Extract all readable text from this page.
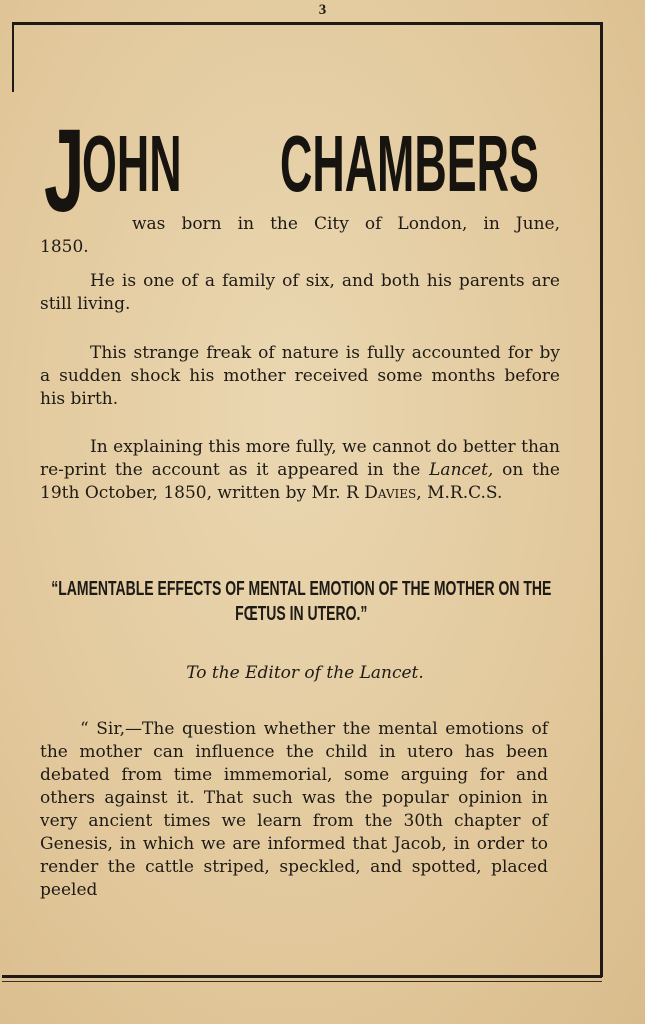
3
J
OHN CHAMBERS
was born in the City of London, in June,
1850.

He is one of a family of six, and both his parents are still living.

This strange freak of nature is fully accounted for by a sudden shock his mother received some months before his birth.

In explaining this more fully, we cannot do better than re-print the account as it appeared in the Lancet, on the 19th October, 1850, written by Mr. R Davies, M.R.C.S.

“LAMENTABLE EFFECTS OF MENTAL EMOTION OF THE MOTHER ON THE FŒTUS IN UTERO.”
To the Editor of the Lancet.

“ Sir,—The question whether the mental emotions of the mother can influence the child in utero has been debated from time immemorial, some arguing for and others against it. That such was the popular opinion in very ancient times we learn from the 30th chapter of Genesis, in which we are informed that Jacob, in order to render the cattle striped, speckled, and spotted, placed peeled
